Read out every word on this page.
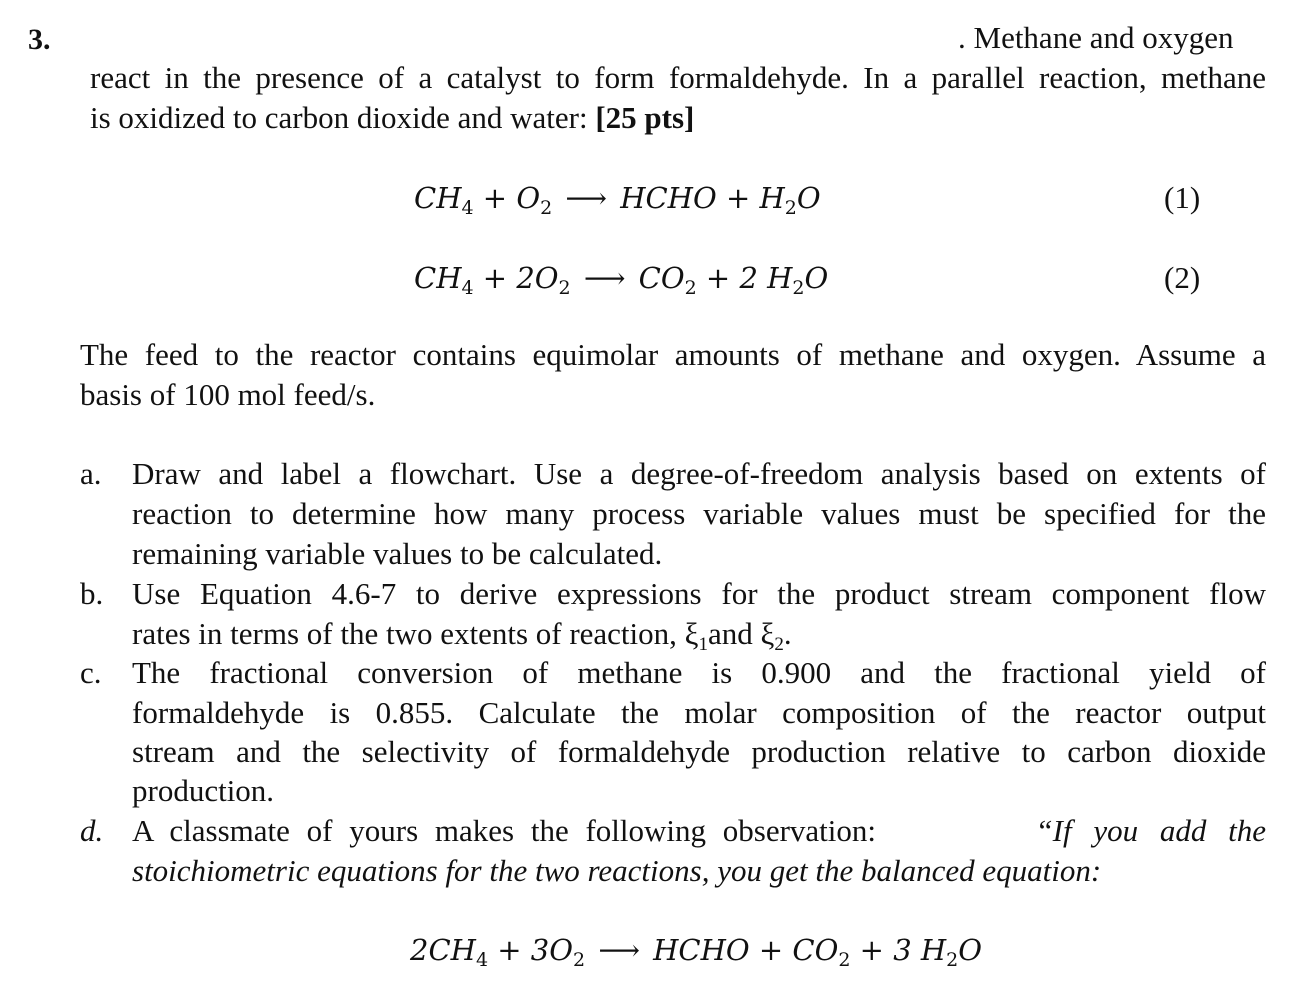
3.	. Methane and oxygen
react in the presence of a catalyst to form formaldehyde. In a parallel reaction, methane
is oxidized to carbon dioxide and water: [25 pts]
$CH_4 + O_2$ ⟶ HCHO + $H_2O$	(1)
$CH_4 + 2O_2$ ⟶ $CO_2 + 2$ $H_2O$	(2)
The feed to the reactor contains equimolar amounts of methane and oxygen. Assume a
basis of 100 mol feed/s.
a. Draw and label a flowchart. Use a degree-of-freedom analysis based on extents of
reaction to determine how many process variable values must be specified for the
remaining variable values to be calculated.
b. Use Equation 4.6-7 to derive expressions for the product stream component flow
rates in terms of the two extents of reaction, $\xi_1and$ $\xi_2$.
c. The fractional conversion of methane is 0.900 and the fractional yield of
formaldehyde is 0.855. Calculate the molar composition of the reactor output
stream and the selectivity of formaldehyde production relative to carbon dioxide
production.
d. A classmate of yours makes the following observation:	“If you add the
stoichiometric equations for the two reactions, you get the balanced equation:
$2CH_4 + 3O_2$ ⟶ HCHO + $CO_2 + 3$ $H_2O$
